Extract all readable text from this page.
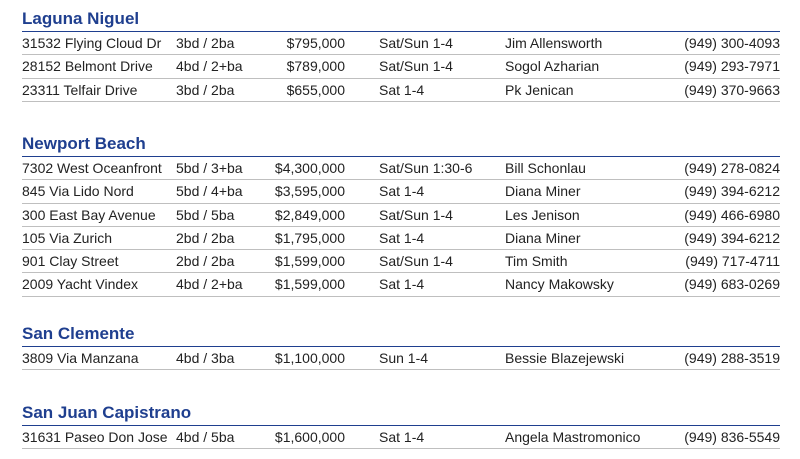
Laguna Niguel
31532 Flying Cloud Dr 3bd / 2ba	$795,000 Sat/Sun 1-4	Jim Allensworth	(949) 300-4093
28152 Belmont Drive 4bd / 2+ba	$789,000 Sat/Sun 1-4	Sogol Azharian	(949) 293-7971
23311 Telfair Drive	3bd / 2ba	$655,000 Sat 1-4	Pk Jenican	(949) 370-9663
Newport Beach
7302 West Oceanfront 5bd / 3+ba $4,300,000 Sat/Sun 1:30-6 Bill Schonlau	(949) 278-0824
845 Via Lido Nord	5bd / 4+ba $3,595,000 Sat 1-4	Diana Miner	(949) 394-6212
300 East Bay Avenue 5bd / 5ba	$2,849,000 Sat/Sun 1-4	Les Jenison	(949) 466-6980
105 Via Zurich	2bd / 2ba	$1,795,000 Sat 1-4	Diana Miner	(949) 394-6212
901 Clay Street	2bd / 2ba	$1,599,000 Sat/Sun 1-4	Tim Smith	(949) 717-4711
2009 Yacht Vindex	4bd / 2+ba $1,599,000 Sat 1-4	Nancy Makowsky	(949) 683-0269
San Clemente
3809 Via Manzana	4bd / 3ba	$1,100,000 Sun 1-4	Bessie Blazejewski	(949) 288-3519
San Juan Capistrano
31631 Paseo Don Jose 4bd / 5ba	$1,600,000 Sat 1-4	Angela Mastromonico	(949) 836-5549
